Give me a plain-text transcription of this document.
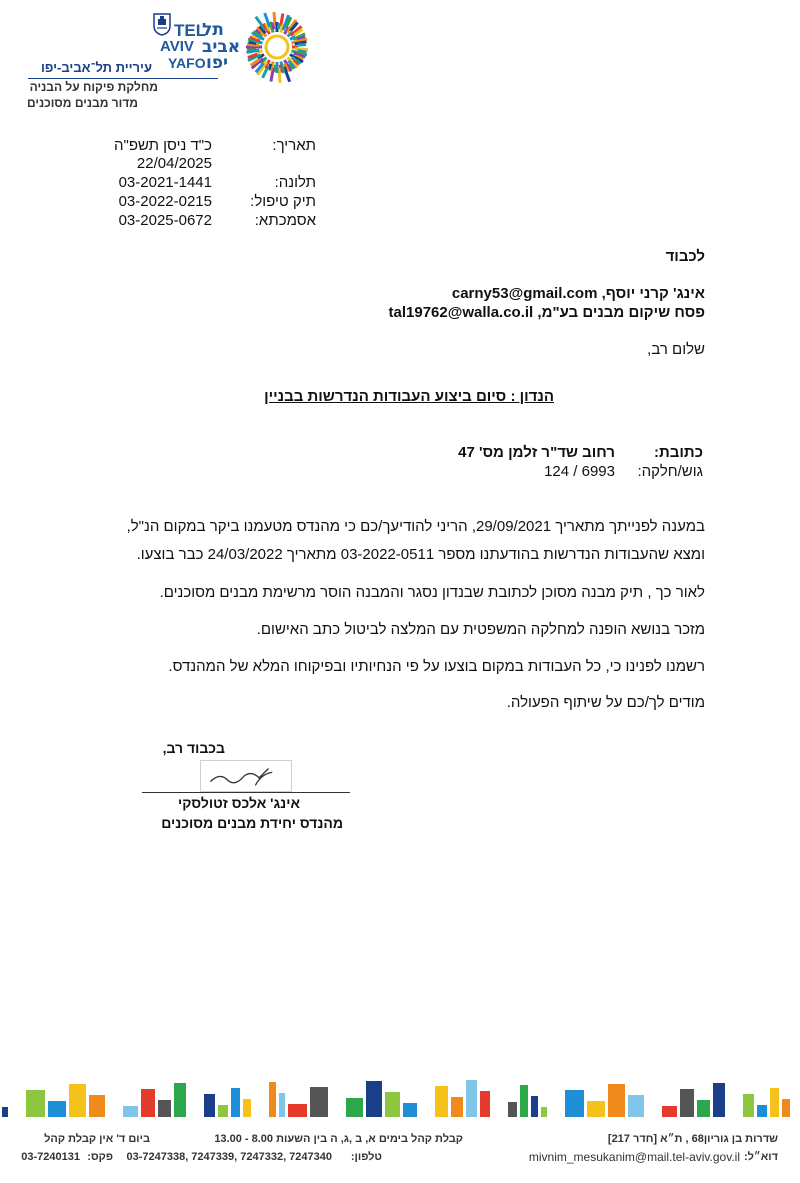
TEL
תל
AVIV אביב
YAFO יפו
עיריית תל־אביב-יפו
מחלקת פיקוח על הבניה
מדור מבנים מסוכנים
תאריך:
כ"ד ניסן תשפ"ה
22/04/2025
תלונה:
03-2021-1441
תיק טיפול:
03-2022-0215
אסמכתא:
03-2025-0672
לכבוד
אינג' קרני יוסף, carny53@gmail.com
פסח שיקום מבנים בע"מ, tal19762@walla.co.il
שלום רב,
הנדון : סיום ביצוע העבודות הנדרשות בבניין
כתובת:
רחוב שד"ר זלמן מס' 47
גוש/חלקה:
124 / 6993
במענה לפנייתך מתאריך 29/09/2021, הריני להודיעך/כם כי מהנדס מטעמנו ביקר במקום הנ"ל,
ומצא שהעבודות הנדרשות בהודעתנו מספר 03-2022-0511 מתאריך 24/03/2022 כבר בוצעו.
לאור כך , תיק מבנה מסוכן לכתובת שבנדון נסגר והמבנה הוסר מרשימת מבנים מסוכנים.
מזכר בנושא הופנה למחלקה המשפטית עם המלצה לביטול כתב האישום.
רשמנו לפנינו כי, כל העבודות במקום בוצעו על פי הנחיותיו ובפיקוחו המלא של המהנדס.
מודים לך/כם על שיתוף הפעולה.
בכבוד רב,
אינג' אלכס זטולסקי
מהנדס יחידת מבנים מסוכנים
שדרות בן גוריון68 , ת״א [חדר 217]
דוא״ל:
mivnim_mesukanim@mail.tel-aviv.gov.il
קבלת קהל בימים א, ב ,ג, ה בין השעות 8.00 - 13.00
טלפון:
03-7247338, 7247339, 7247332, 7247340
ביום ד' אין קבלת קהל
פקס:
03-7240131
